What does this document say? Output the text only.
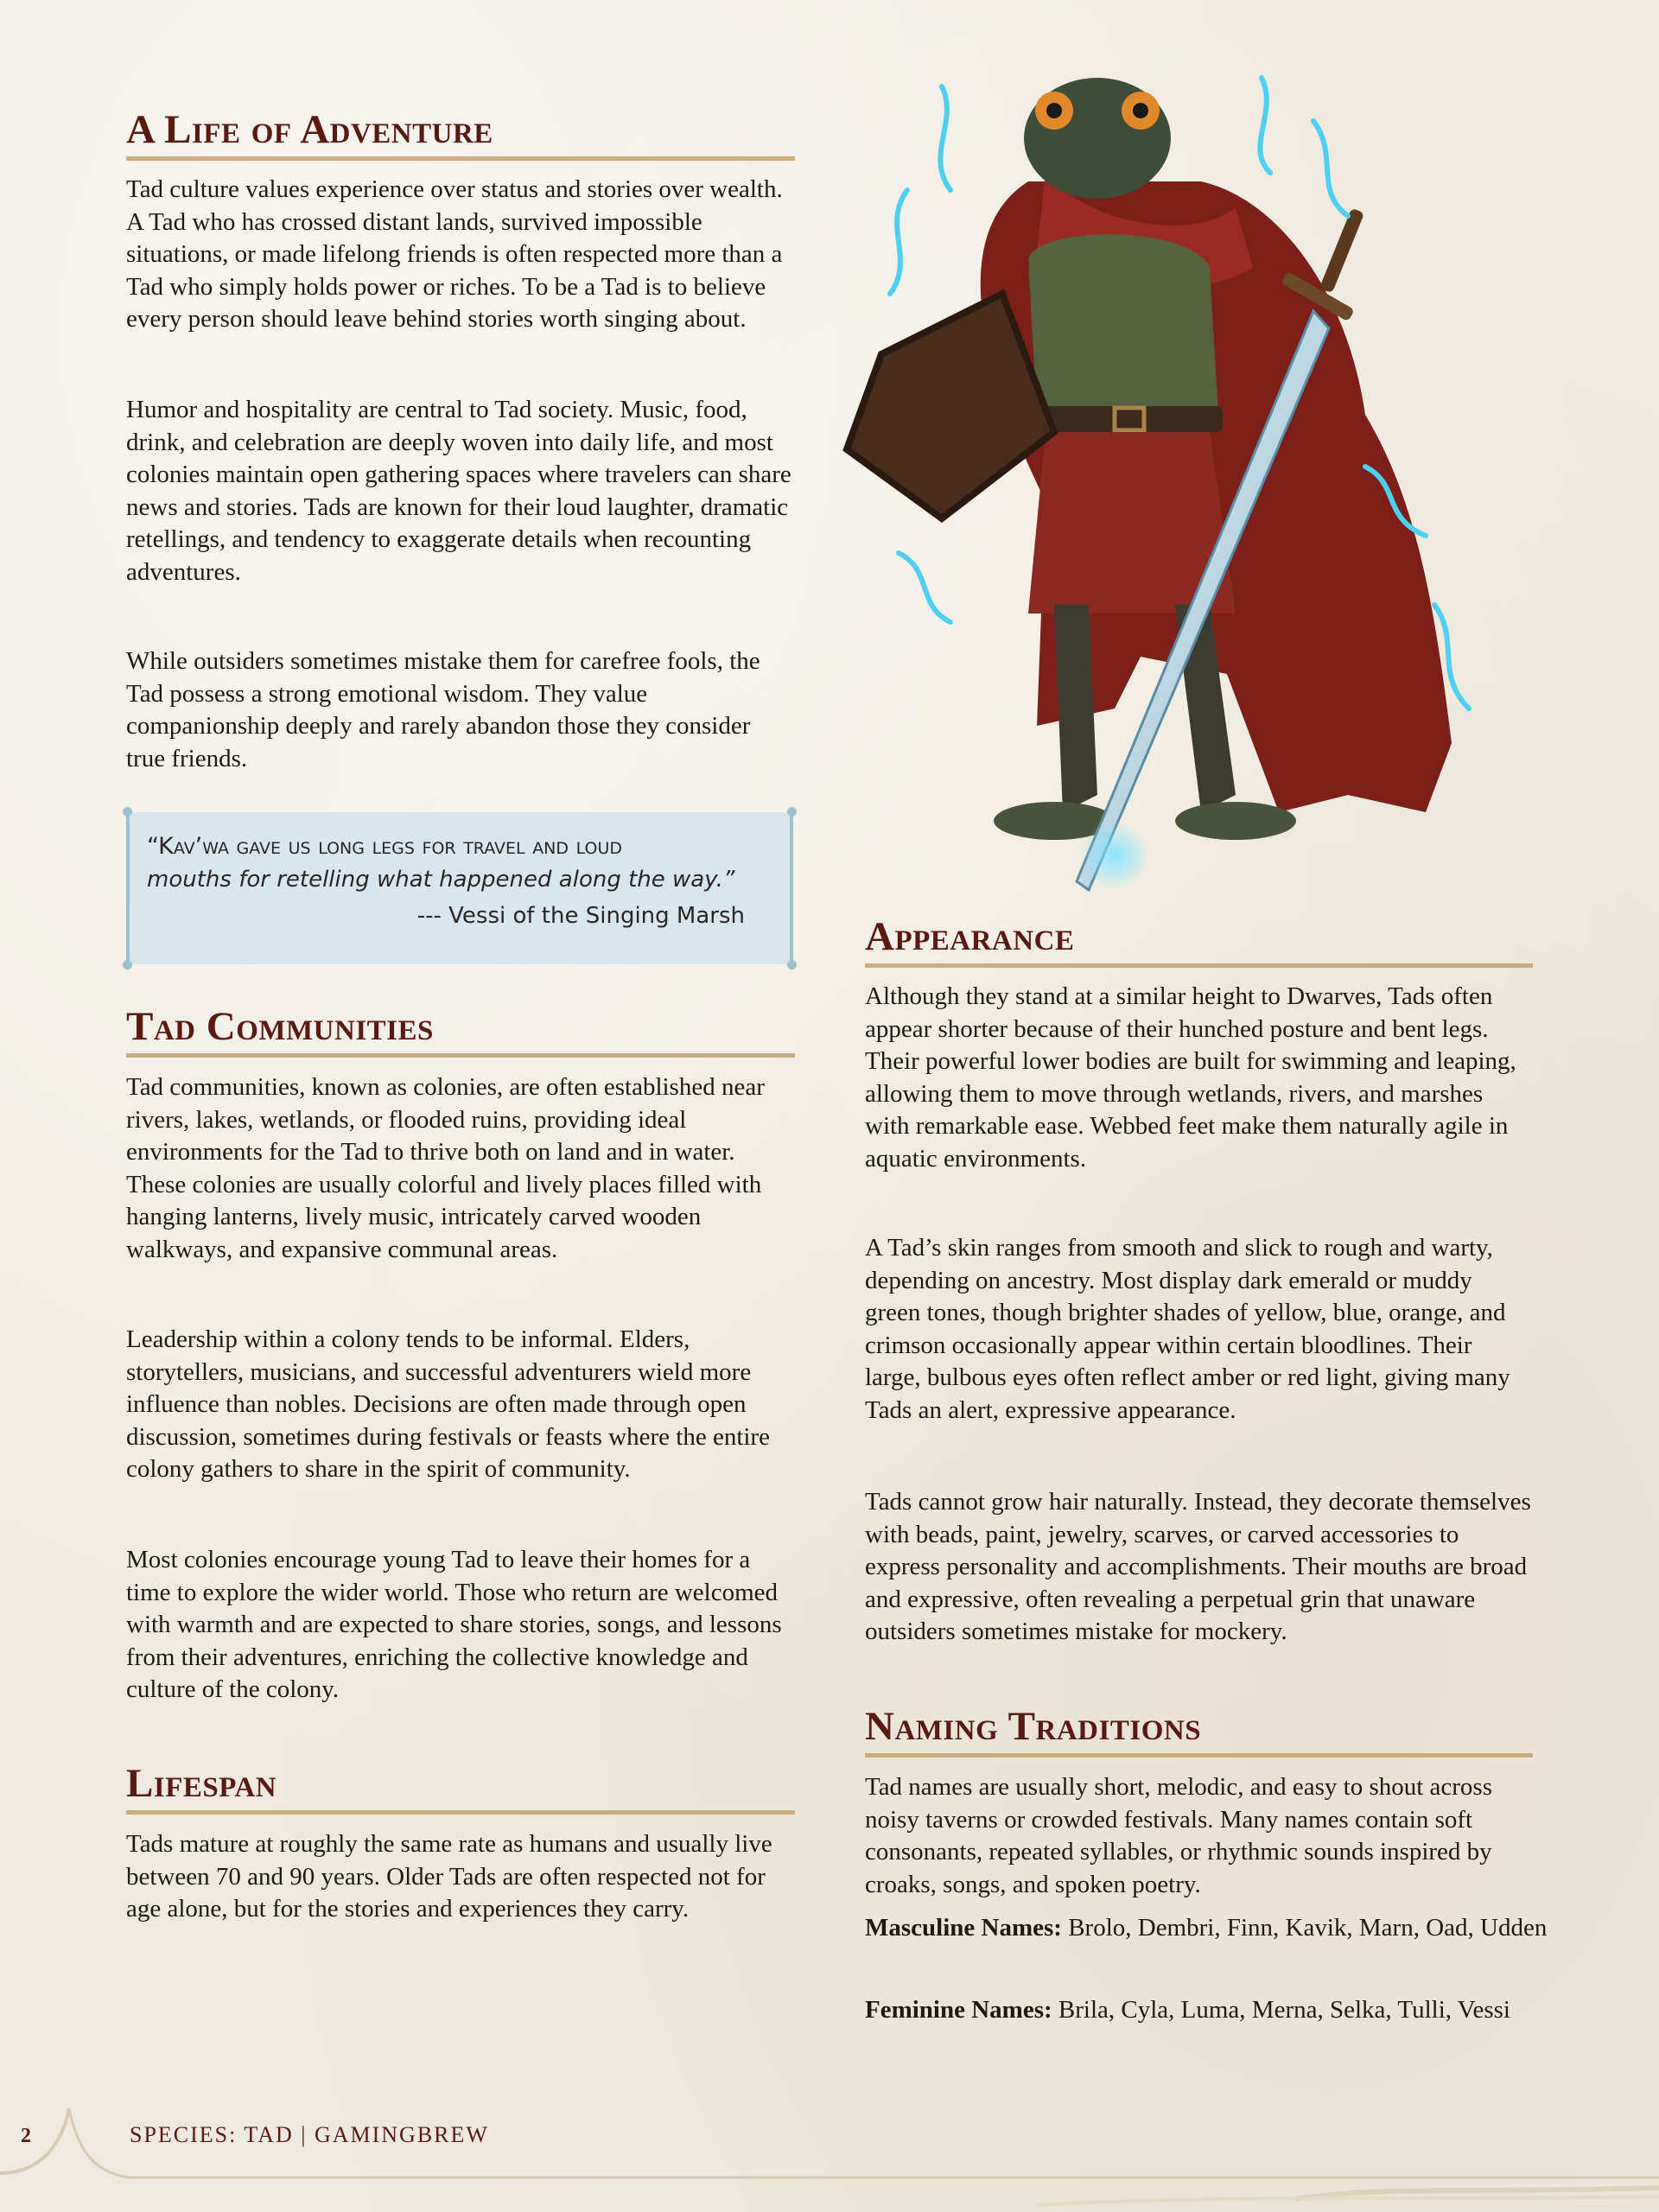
A Life of Adventure

Tad culture values experience over status and stories over wealth. A Tad who has crossed distant lands, survived impossible situations, or made lifelong friends is often respected more than a Tad who simply holds power or riches. To be a Tad is to believe every person should leave behind stories worth singing about.

Humor and hospitality are central to Tad society. Music, food, drink, and celebration are deeply woven into daily life, and most colonies maintain open gathering spaces where travelers can share news and stories. Tads are known for their loud laughter, dramatic retellings, and tendency to exaggerate details when recounting adventures.

While outsiders sometimes mistake them for carefree fools, the Tad possess a strong emotional wisdom. They value companionship deeply and rarely abandon those they consider true friends.

“Kav’wa gave us long legs for travel and loud
mouths for retelling what happened along the way.”
--- Vessi of the Singing Marsh
Tad Communities

Tad communities, known as colonies, are often established near rivers, lakes, wetlands, or flooded ruins, providing ideal environments for the Tad to thrive both on land and in water. These colonies are usually colorful and lively places filled with hanging lanterns, lively music, intricately carved wooden walkways, and expansive communal areas.

Leadership within a colony tends to be informal. Elders, storytellers, musicians, and successful adventurers wield more influence than nobles. Decisions are often made through open discussion, sometimes during festivals or feasts where the entire colony gathers to share in the spirit of community.

Most colonies encourage young Tad to leave their homes for a time to explore the wider world. Those who return are welcomed with warmth and are expected to share stories, songs, and lessons from their adventures, enriching the collective knowledge and culture of the colony.

Lifespan

Tads mature at roughly the same rate as humans and usually live between 70 and 90 years. Older Tads are often respected not for age alone, but for the stories and experiences they carry.

Appearance

Although they stand at a similar height to Dwarves, Tads often appear shorter because of their hunched posture and bent legs. Their powerful lower bodies are built for swimming and leaping, allowing them to move through wetlands, rivers, and marshes with remarkable ease. Webbed feet make them naturally agile in aquatic environments.

A Tad’s skin ranges from smooth and slick to rough and warty, depending on ancestry. Most display dark emerald or muddy green tones, though brighter shades of yellow, blue, orange, and crimson occasionally appear within certain bloodlines. Their large, bulbous eyes often reflect amber or red light, giving many Tads an alert, expressive appearance.

Tads cannot grow hair naturally. Instead, they decorate themselves with beads, paint, jewelry, scarves, or carved accessories to express personality and accomplishments. Their mouths are broad and expressive, often revealing a perpetual grin that unaware outsiders sometimes mistake for mockery.

Naming Traditions

Tad names are usually short, melodic, and easy to shout across noisy taverns or crowded festivals. Many names contain soft consonants, repeated syllables, or rhythmic sounds inspired by croaks, songs, and spoken poetry.

Masculine Names: Brolo, Dembri, Finn, Kavik, Marn, Oad, Udden

Feminine Names: Brila, Cyla, Luma, Merna, Selka, Tulli, Vessi

2	SPECIES: TAD | GAMINGBREW
